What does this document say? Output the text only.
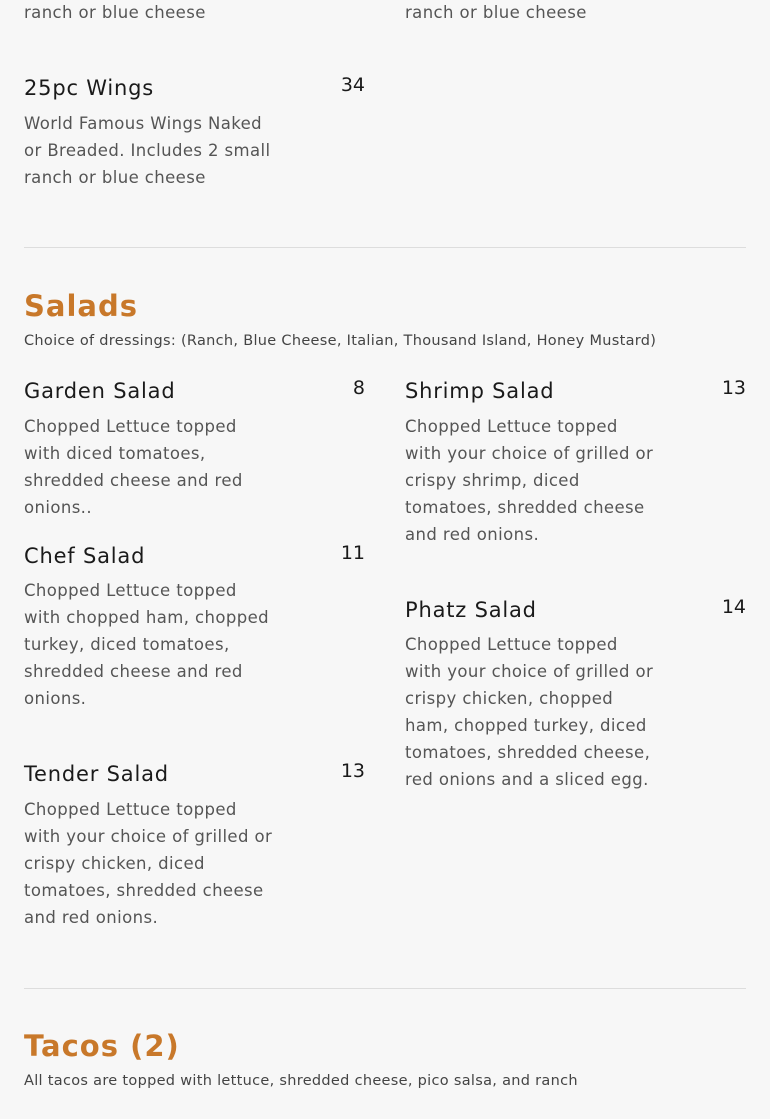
ranch or blue cheese	ranch or blue cheese

25pc Wings	34

World Famous Wings Naked or Breaded. Includes 2 small ranch or blue cheese

Salads

Choice of dressings: (Ranch, Blue Cheese, Italian, Thousand Island, Honey Mustard)

Garden Salad	8

Chopped Lettuce topped with diced tomatoes, shredded cheese and red onions..

Shrimp Salad	13

Chopped Lettuce topped with your choice of grilled or crispy shrimp, diced tomatoes, shredded cheese and red onions.

Chef Salad	11

Chopped Lettuce topped with chopped ham, chopped turkey, diced tomatoes, shredded cheese and red onions.

Phatz Salad	14

Chopped Lettuce topped with your choice of grilled or crispy chicken, chopped ham, chopped turkey, diced tomatoes, shredded cheese, red onions and a sliced egg.

Tender Salad	13

Chopped Lettuce topped with your choice of grilled or crispy chicken, diced tomatoes, shredded cheese and red onions.

Tacos (2)

All tacos are topped with lettuce, shredded cheese, pico salsa, and ranch
